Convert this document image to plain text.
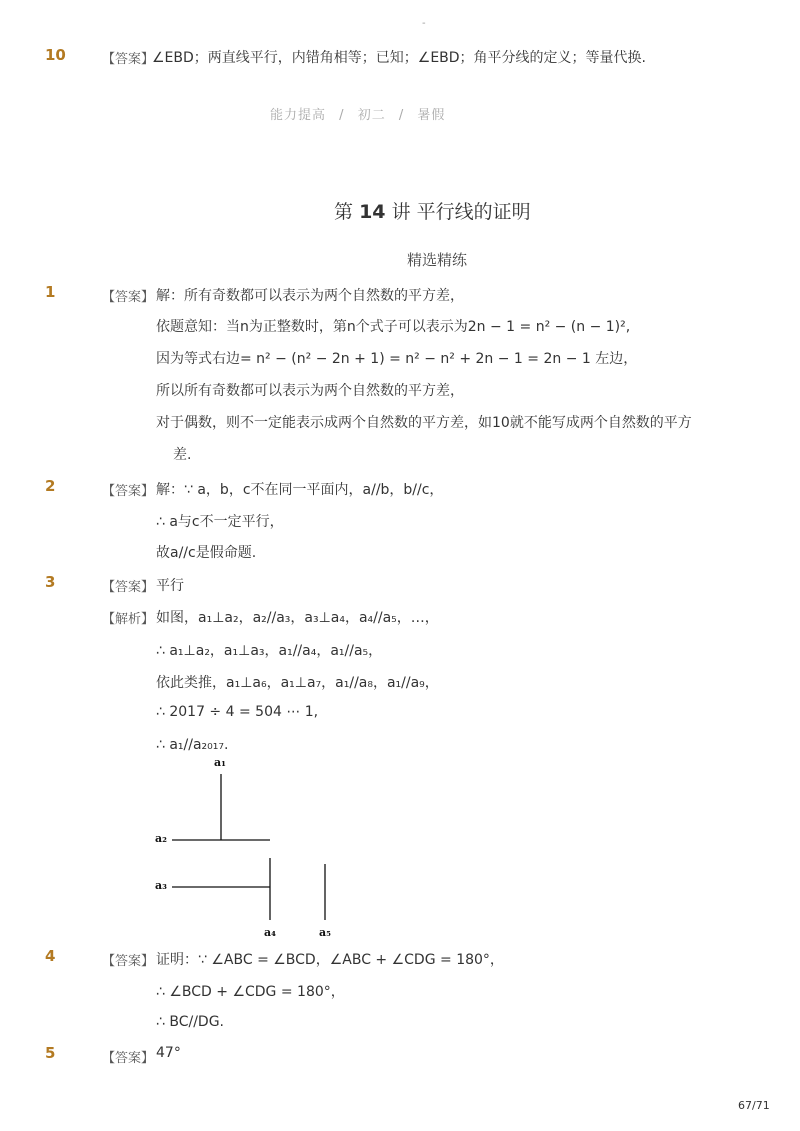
-
10	【答案】
∠EBD；两直线平行，内错角相等；已知；∠EBD；角平分线的定义；等量代换.
能力提高 / 初二 / 暑假
第 14 讲 平行线的证明
精选精练
1	【答案】 解：所有奇数都可以表示为两个自然数的平方差，
依题意知：当n为正整数时，第n个式子可以表示为2n − 1 = n² − (n − 1)²,
因为等式右边= n² − (n² − 2n + 1) = n² − n² + 2n − 1 = 2n − 1 左边，
所以所有奇数都可以表示为两个自然数的平方差，
对于偶数，则不一定能表示成两个自然数的平方差，如10就不能写成两个自然数的平方
差.
2	【答案】 解：∵ a，b，c不在同一平面内，a//b，b//c，
∴ a与c不一定平行，
故a//c是假命题.
3	【答案】 平行
【解析】 如图，a₁⊥a₂，a₂//a₃，a₃⊥a₄，a₄//a₅，…，
∴ a₁⊥a₂，a₁⊥a₃，a₁//a₄，a₁//a₅，
依此类推，a₁⊥a₆，a₁⊥a₇，a₁//a₈，a₁//a₉，
∴ 2017 ÷ 4 = 504 ⋯ 1,
∴ a₁//a₂₀₁₇.
a₁
a₂
a₃
a₄	a₅
4	【答案】 证明：∵ ∠ABC = ∠BCD，∠ABC + ∠CDG = 180°，
∴ ∠BCD + ∠CDG = 180°，
∴ BC//DG.
5	【答案】 47°
67/71
